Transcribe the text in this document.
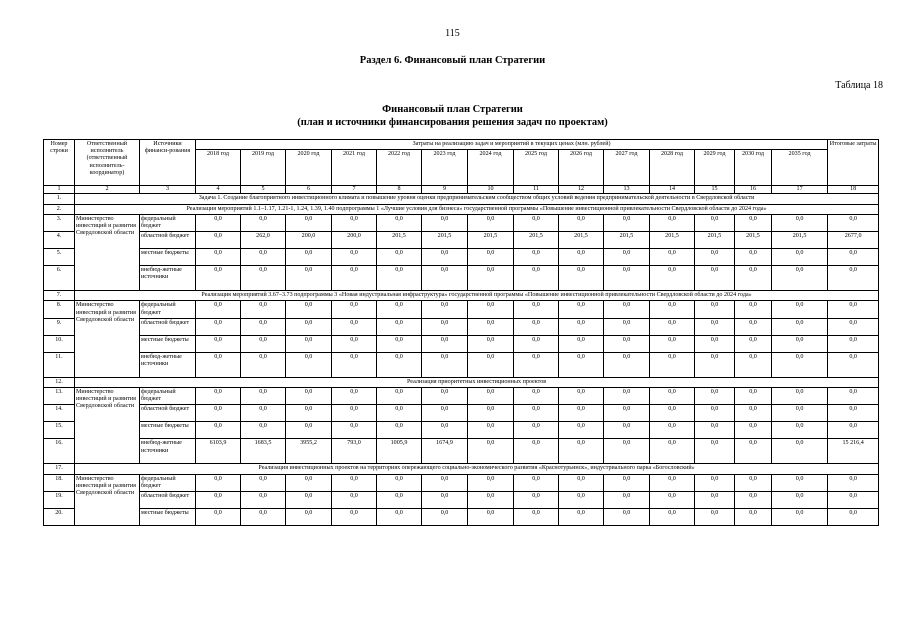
115
Раздел 6. Финансовый план Стратегии
Таблица 18
Финансовый план Стратегии
(план и источники финансирования решения задач по проектам)
Номер строки	Ответственный исполнитель (ответственный исполнитель-координатор)	Источники финанси-рования	Затраты на реализацию задач и мероприятий в текущих ценах (млн. рублей)														Итоговые затраты
			2018 год	2019 год	2020 год	2021 год	2022 год	2023 год	2024 год	2025 год	2026 год	2027 год	2028 год	2029 год	2030 год	2035 год	
1	2	3	4	5	6	7	8	9	10	11	12	13	14	15	16	17	18
1.	Задача 1. Создание благоприятного инвестиционного климата и повышение уровня оценки предпринимательским сообществом общих условий ведения предпринимательской деятельности в Свердловской области																
2.	Реализация мероприятий 1.1–1.17, 1.21-1, 1.24, 1.39, 1.40 подпрограммы 1 «Лучшие условия для бизнеса» государственной программы «Повышение инвестиционной привлекательности Свердловской области до 2024 года»																
3.	Министерство инвестиций и развития Свердловской области	федеральный бюджет	0,0	0,0	0,0	0,0	0,0	0,0	0,0	0,0	0,0	0,0	0,0	0,0	0,0	0,0	0,0
4.		областной бюджет	0,0	262,0	200,0	200,0	201,5	201,5	201,5	201,5	201,5	201,5	201,5	201,5	201,5	201,5	2677,0
5.		местные бюджеты	0,0	0,0	0,0	0,0	0,0	0,0	0,0	0,0	0,0	0,0	0,0	0,0	0,0	0,0	0,0
6.		внебюд-жетные источники	0,0	0,0	0,0	0,0	0,0	0,0	0,0	0,0	0,0	0,0	0,0	0,0	0,0	0,0	0,0
7.	Реализация мероприятий 3.67–3.73 подпрограммы 3 «Новая индустриальная инфраструктура» государственной программы «Повышение инвестиционной привлекательности Свердловской области до 2024 года»																
8.	Министерство инвестиций и развития Свердловской области	федеральный бюджет	0,0	0,0	0,0	0,0	0,0	0,0	0,0	0,0	0,0	0,0	0,0	0,0	0,0	0,0	0,0
9.		областной бюджет	0,0	0,0	0,0	0,0	0,0	0,0	0,0	0,0	0,0	0,0	0,0	0,0	0,0	0,0	0,0
10.		местные бюджеты	0,0	0,0	0,0	0,0	0,0	0,0	0,0	0,0	0,0	0,0	0,0	0,0	0,0	0,0	0,0
11.		внебюд-жетные источники	0,0	0,0	0,0	0,0	0,0	0,0	0,0	0,0	0,0	0,0	0,0	0,0	0,0	0,0	0,0
12.	Реализация приоритетных инвестиционных проектов																
13.	Министерство инвестиций и развития Свердловской области	федеральный бюджет	0,0	0,0	0,0	0,0	0,0	0,0	0,0	0,0	0,0	0,0	0,0	0,0	0,0	0,0	0,0
14.		областной бюджет	0,0	0,0	0,0	0,0	0,0	0,0	0,0	0,0	0,0	0,0	0,0	0,0	0,0	0,0	0,0
15.		местные бюджеты	0,0	0,0	0,0	0,0	0,0	0,0	0,0	0,0	0,0	0,0	0,0	0,0	0,0	0,0	0,0
16.		внебюд-жетные источники	6103,9	1683,5	3955,2	793,0	1005,9	1674,9	0,0	0,0	0,0	0,0	0,0	0,0	0,0	0,0	15 216,4
17.	Реализация инвестиционных проектов на территориях опережающего социально-экономического развития «Краснотурьинск», индустриального парка «Богословский»																
18.	Министерство инвестиций и развития Свердловской области	федеральный бюджет	0,0	0,0	0,0	0,0	0,0	0,0	0,0	0,0	0,0	0,0	0,0	0,0	0,0	0,0	0,0
19.		областной бюджет	0,0	0,0	0,0	0,0	0,0	0,0	0,0	0,0	0,0	0,0	0,0	0,0	0,0	0,0	0,0
20.		местные бюджеты	0,0	0,0	0,0	0,0	0,0	0,0	0,0	0,0	0,0	0,0	0,0	0,0	0,0	0,0	0,0
